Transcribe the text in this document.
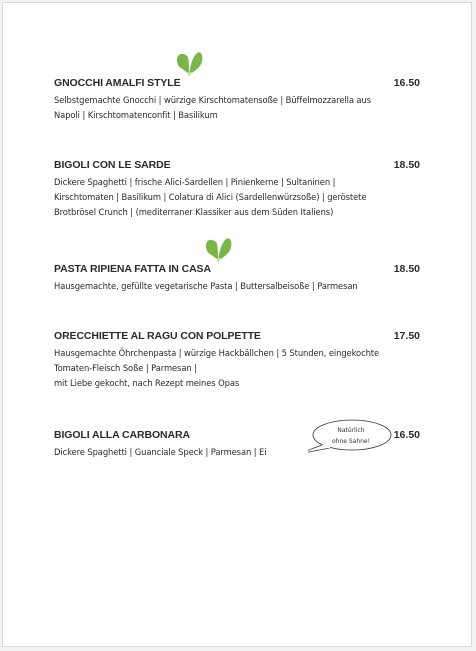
VEGI
VEGI
GNOCCHI AMALFI STYLE	16.50
Selbstgemachte Gnocchi | würzige Kirschtomatensoße | Büffelmozzarella aus
Napoli | Kirschtomatenconfit | Basilikum
BIGOLI CON LE SARDE	18.50
Dickere Spaghetti | frische Alici-Sardellen | Pinienkerne | Sultaninen |
Kirschtomaten | Basilikum | Colatura di Alici (Sardellenwürzsoße) | geröstete
Brotbrösel Crunch | (mediterraner Klassiker aus dem Süden Italiens)
PASTA RIPIENA FATTA IN CASA	18.50
Hausgemachte, gefüllte vegetarische Pasta | Buttersalbeisoße | Parmesan
ORECCHIETTE AL RAGU CON POLPETTE	17.50
Hausgemachte Öhrchenpasta | würzige Hackbällchen | 5 Stunden, eingekochte
Tomaten-Fleisch Soße | Parmesan |
mit Liebe gekocht, nach Rezept meines Opas
BIGOLI ALLA CARBONARA	16.50
Dickere Spaghetti | Guanciale Speck | Parmesan | Ei
Natürlich
ohne Sahne!
